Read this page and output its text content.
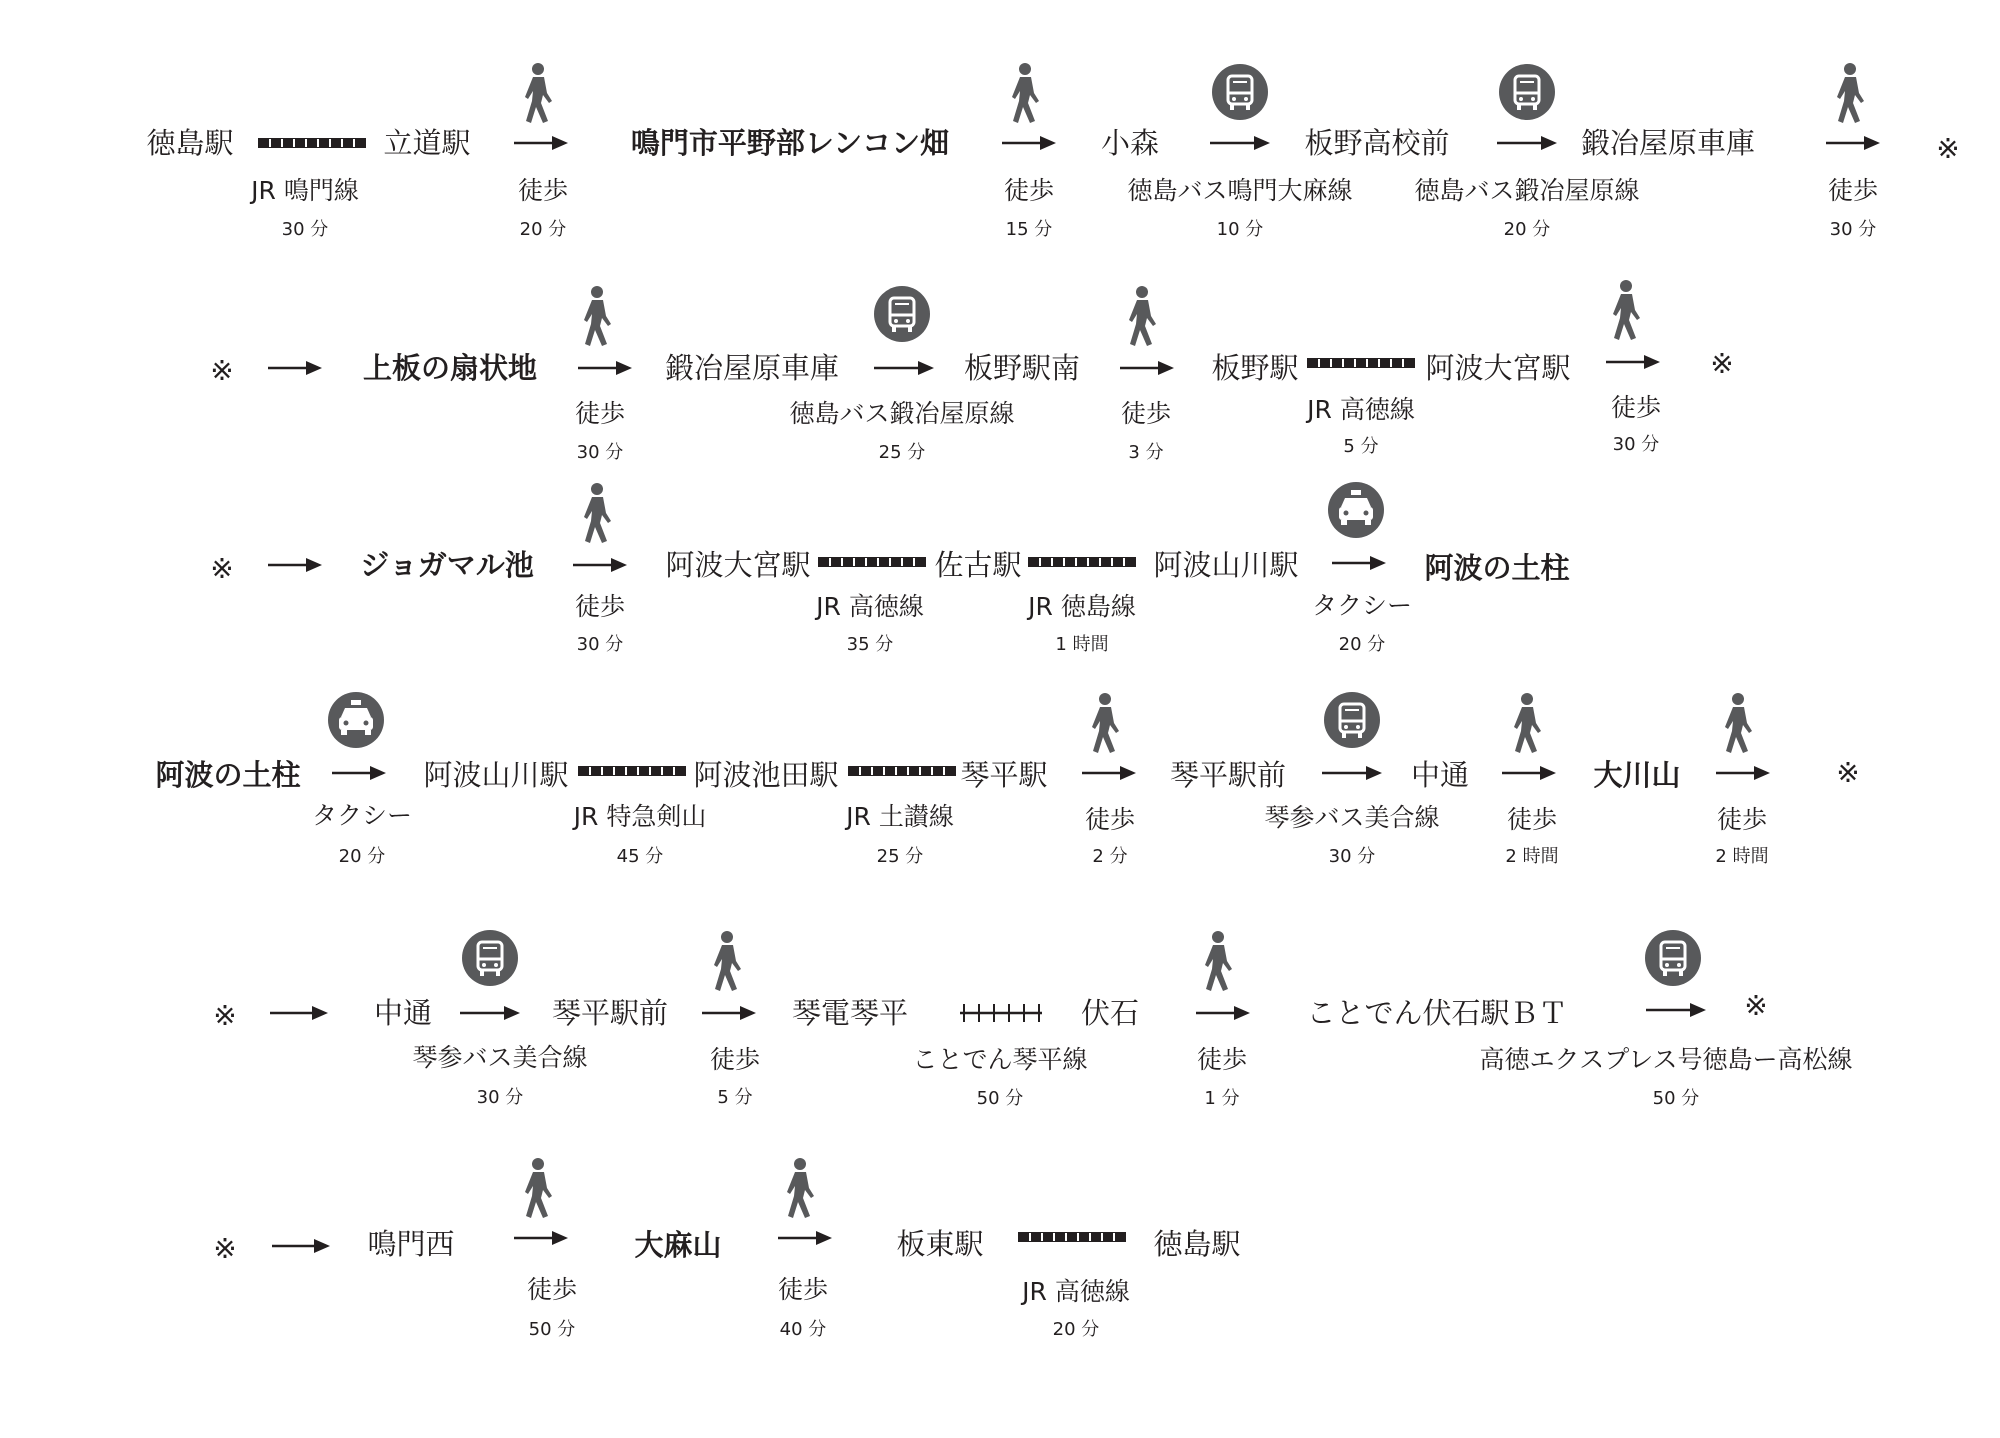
徳島駅
JR 鳴門線
30 分
立道駅
徒歩
20 分
鳴門市平野部レンコン畑
徒歩
15 分
小森
徳島バス鳴門大麻線
10 分
板野高校前
徳島バス鍛冶屋原線
20 分
鍛冶屋原車庫
徒歩
30 分
※
※	上板の扇状地
徒歩
30 分
鍛冶屋原車庫
徳島バス鍛冶屋原線
25 分
板野駅南
徒歩
3 分
板野駅
JR 高徳線
5 分
阿波大宮駅
徒歩
30 分
※
※	ジョガマル池
徒歩
30 分
阿波大宮駅
JR 高徳線
35 分
佐古駅
JR 徳島線
1 時間
阿波山川駅
タクシー
20 分
阿波の土柱
阿波の土柱
タクシー
20 分
阿波山川駅
JR 特急剣山
45 分
阿波池田駅
JR 土讃線
25 分
琴平駅
徒歩
2 分
琴平駅前
琴参バス美合線
30 分
中通
徒歩
2 時間
大川山
徒歩
2 時間
※
※	中通
琴参バス美合線
30 分
琴平駅前
徒歩
5 分
琴電琴平
ことでん琴平線
50 分
伏石
徒歩
1 分
ことでん伏石駅ＢＴ
高徳エクスプレス号徳島ー高松線
50 分
※
※	鳴門西
徒歩
50 分
大麻山
徒歩
40 分
板東駅
JR 高徳線
20 分
徳島駅
